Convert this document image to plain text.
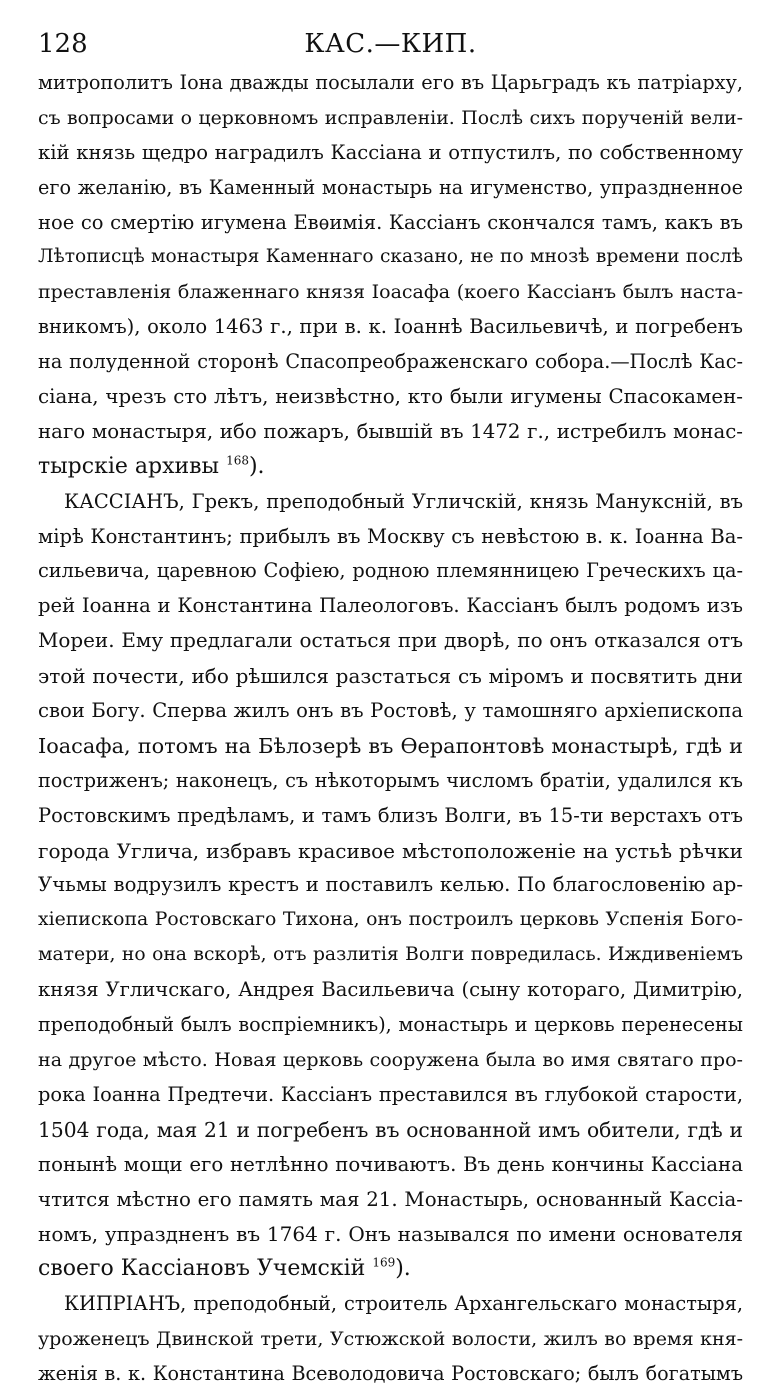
128	КАС.—КИП.
митрополитъ Іона дважды посылали его въ Царьградъ къ патріарху,
съ вопросами о церковномъ исправленіи. Послѣ сихъ порученій вели-
кій князь щедро наградилъ Кассіана и отпустилъ, по собственному
его желанію, въ Каменный монастырь на игуменство, упраздненное
ное со смертію игумена Евѳимія. Кассіанъ скончался тамъ, какъ въ
Лѣтописцѣ монастыря Каменнаго сказано, не по мнозѣ времени послѣ
преставленія блаженнаго князя Іоасафа (коего Кассіанъ былъ наста-
вникомъ), около 1463 г., при в. к. Іоаннѣ Васильевичѣ, и погребенъ
на полуденной сторонѣ Спасопреображенскаго собора.—Послѣ Кас-
сіана, чрезъ сто лѣтъ, неизвѣстно, кто были игумены Спасокамен-
наго монастыря, ибо пожаръ, бывшій въ 1472 г., истребилъ монас-
тырскіе архивы $^{168}$).
КАССІАНЪ, Грекъ, преподобный Угличскій, князь Мануксній, въ
мірѣ Константинъ; прибылъ въ Москву съ невѣстою в. к. Іоанна Ва-
сильевича, царевною Софіею, родною племянницею Греческихъ ца-
рей Іоанна и Константина Палеологовъ. Кассіанъ былъ родомъ изъ
Мореи. Ему предлагали остаться при дворѣ, по онъ отказался отъ
этой почести, ибо рѣшился разстаться съ міромъ и посвятить дни
свои Богу. Сперва жилъ онъ въ Ростовѣ, у тамошняго архіепископа
Іоасафа, потомъ на Бѣлозерѣ въ Ѳерапонтовѣ монастырѣ, гдѣ и
постриженъ; наконецъ, съ нѣкоторымъ числомъ братіи, удалился къ
Ростовскимъ предѣламъ, и тамъ близъ Волги, въ 15-ти верстахъ отъ
города Углича, избравъ красивое мѣстоположеніе на устьѣ рѣчки
Учьмы водрузилъ крестъ и поставилъ келью. По благословенію ар-
хіепископа Ростовскаго Тихона, онъ построилъ церковь Успенія Бого-
матери, но она вскорѣ, отъ разлитія Волги повредилась. Иждивеніемъ
князя Угличскаго, Андрея Васильевича (сыну котораго, Димитрію,
преподобный былъ воспріемникъ), монастырь и церковь перенесены
на другое мѣсто. Новая церковь сооружена была во имя святаго про-
рока Іоанна Предтечи. Кассіанъ преставился въ глубокой старости,
1504 года, мая 21 и погребенъ въ основанной имъ обители, гдѣ и
понынѣ мощи его нетлѣнно почиваютъ. Въ день кончины Кассіана
чтится мѣстно его память мая 21. Монастырь, основанный Кассіа-
номъ, упраздненъ въ 1764 г. Онъ назывался по имени основателя
своего Кассіановъ Учемскій $^{169}$).
КИПРІАНЪ, преподобный, строитель Архангельскаго монастыря,
уроженецъ Двинской трети, Устюжской волости, жилъ во время кня-
женія в. к. Константина Всеволодовича Ростовскаго; былъ богатымъ
